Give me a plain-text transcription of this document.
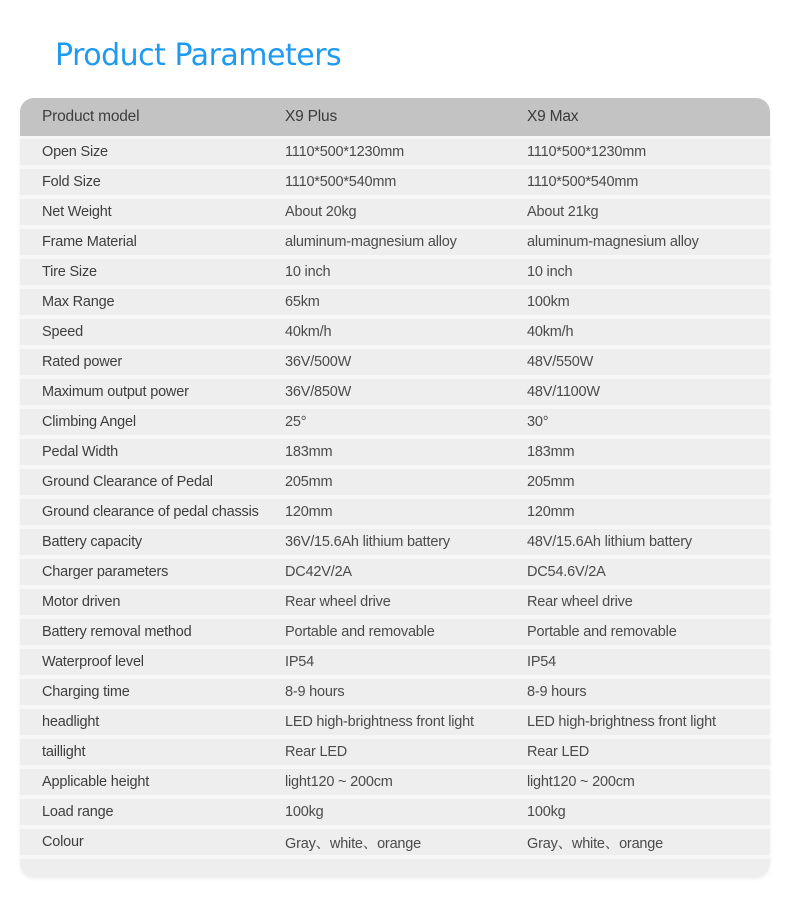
Product Parameters
Product model	X9 Plus	X9 Max
Open Size	1110*500*1230mm	1110*500*1230mm
Fold Size	1110*500*540mm	1110*500*540mm
Net Weight	About 20kg	About 21kg
Frame Material	aluminum-magnesium alloy	aluminum-magnesium alloy
Tire Size	10 inch	10 inch
Max Range	65km	100km
Speed	40km/h	40km/h
Rated power	36V/500W	48V/550W
Maximum output power	36V/850W	48V/1100W
Climbing Angel	25°	30°
Pedal Width	183mm	183mm
Ground Clearance of Pedal	205mm	205mm
Ground clearance of pedal chassis	120mm	120mm
Battery capacity	36V/15.6Ah lithium battery	48V/15.6Ah lithium battery
Charger parameters	DC42V/2A	DC54.6V/2A
Motor driven	Rear wheel drive	Rear wheel drive
Battery removal method	Portable and removable	Portable and removable
Waterproof level	IP54	IP54
Charging time	8-9 hours	8-9 hours
headlight	LED high-brightness front light	LED high-brightness front light
taillight	Rear LED	Rear LED
Applicable height	light120 ~ 200cm	light120 ~ 200cm
Load range	100kg	100kg
Colour	Gray、white、orange	Gray、white、orange
